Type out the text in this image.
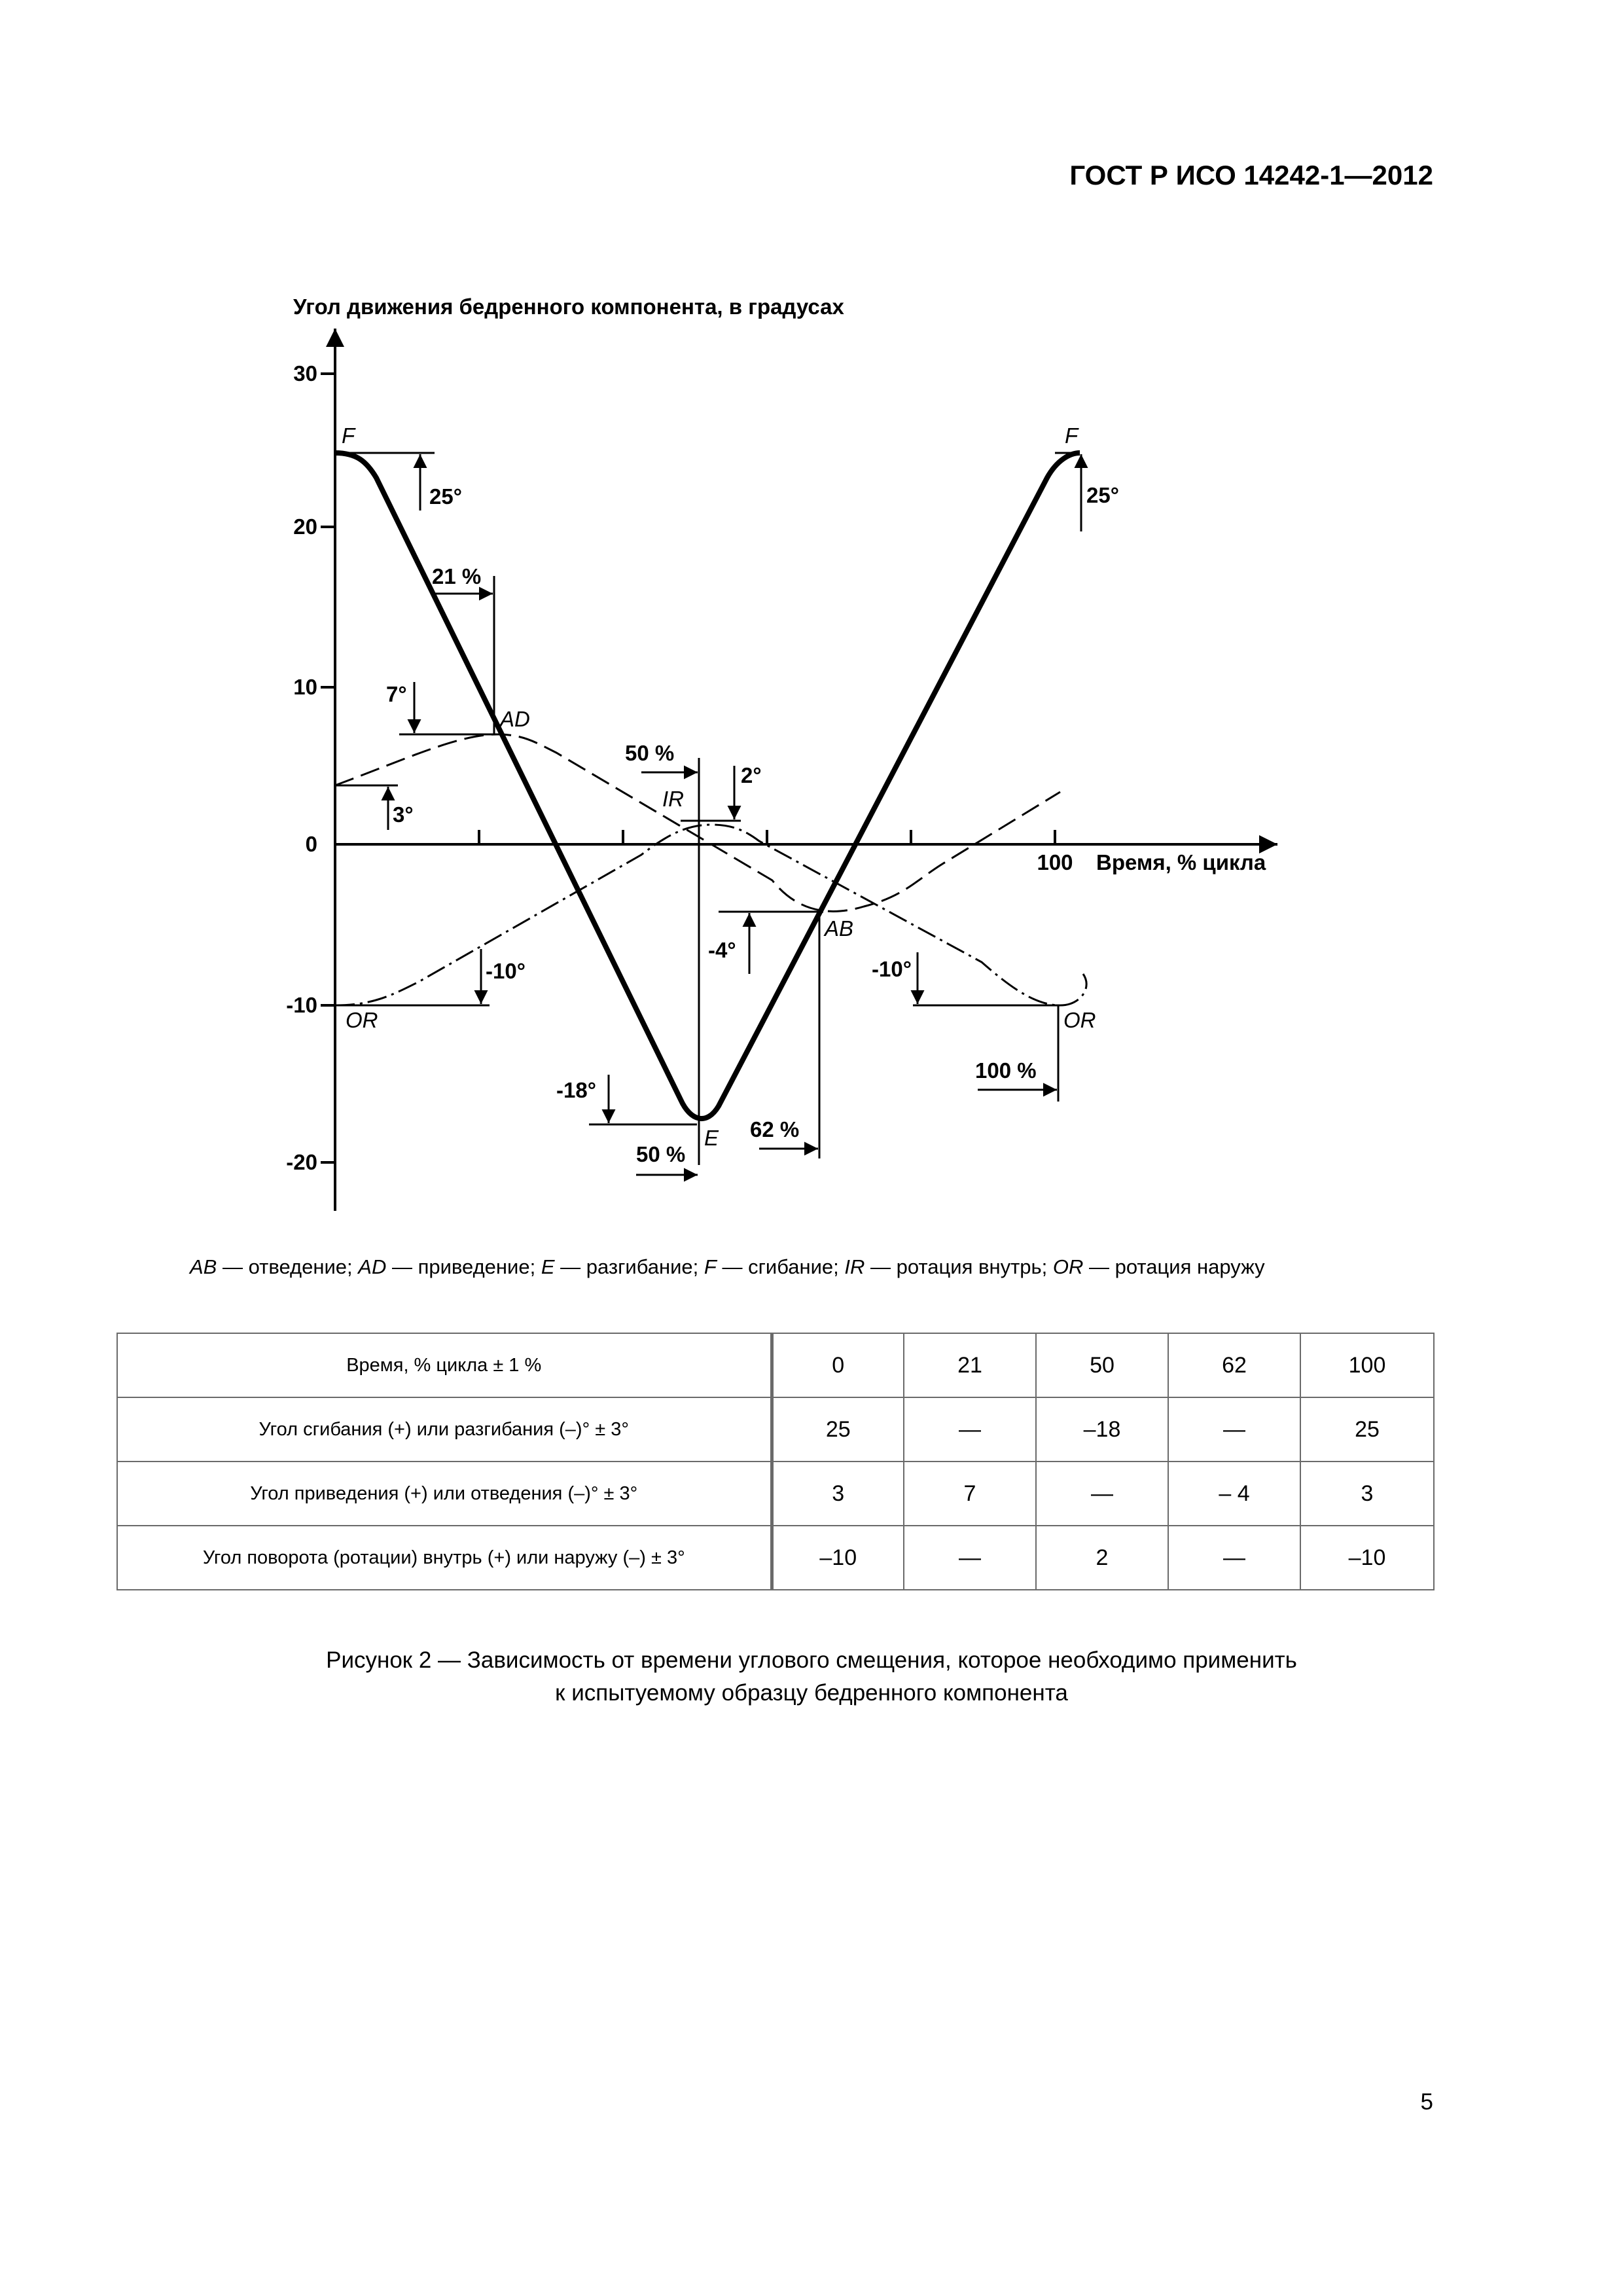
ГОСТ Р ИСО 14242-1—2012
Угол движения бедренного компонента, в градусах
Время, % цикла
30
20
10
0
-10
-20
100
F	F
AD
IR
AB
E
OR	OR
25°	25°
21 %
7°
3°
50 %
2°
-4°
-10°	-10°
-18°
50 %
62 %
100 %
AB — отведение; AD — приведение; E — разгибание; F — сгибание; IR — ротация внутрь; OR — ротация наружу
Время, % цикла ± 1 %	0	21	50	62	100
Угол сгибания (+) или разгибания (–)° ± 3°	25	—	–18	—	25
Угол приведения (+) или отведения (–)° ± 3°	3	7	—	– 4	3
Угол поворота (ротации) внутрь (+) или наружу (–) ± 3°	–10	—	2	—	–10
Рисунок 2 — Зависимость от времени углового смещения, которое необходимо применить
к испытуемому образцу бедренного компонента
5
